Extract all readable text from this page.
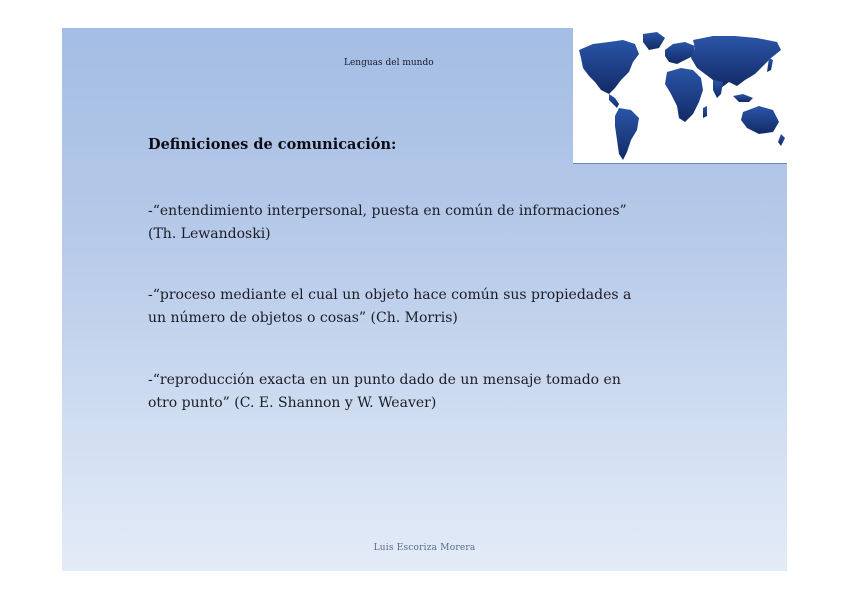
Lenguas del mundo
Definiciones de comunicación:
-“entendimiento interpersonal, puesta en común de informaciones”
(Th. Lewandoski)
-“proceso mediante el cual un objeto hace común sus propiedades a
un número de objetos o cosas” (Ch. Morris)
-“reproducción exacta en un punto dado de un mensaje tomado en
otro punto” (C. E. Shannon y W. Weaver)
Luis Escoriza Morera
